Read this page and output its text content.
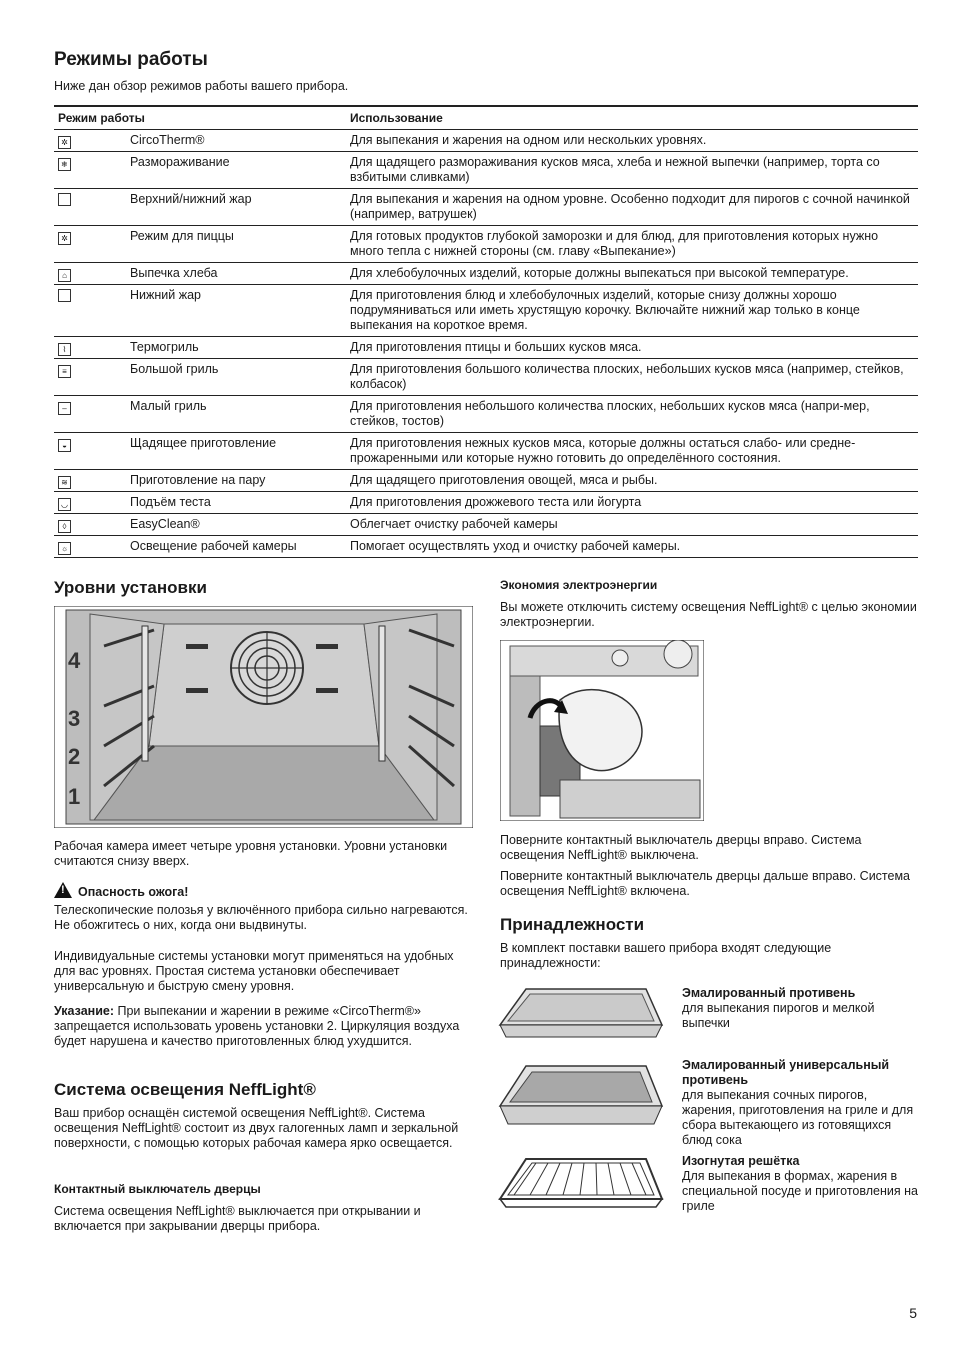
Режимы работы
Ниже дан обзор режимов работы вашего прибора.
Режим работы		Использование
✲	CircoTherm®	Для выпекания и жарения на одном или нескольких уровнях.
❄	Размораживание	Для щадящего размораживания кусков мяса, хлеба и нежной выпечки (например, торта со взбитыми сливками)
	Верхний/нижний жар	Для выпекания и жарения на одном уровне. Особенно подходит для пирогов с сочной начинкой (например, ватрушек)
✲	Режим для пиццы	Для готовых продуктов глубокой заморозки и для блюд, для приготовления которых нужно много тепла с нижней стороны (см. главу «Выпекание»)
⌂	Выпечка хлеба	Для хлебобулочных изделий, которые должны выпекаться при высокой температуре.
	Нижний жар	Для приготовления блюд и хлебобулочных изделий, которые снизу должны хорошо подрумяниваться или иметь хрустящую корочку. Включайте нижний жар только в конце выпекания на короткое время.
⌇	Термогриль	Для приготовления птицы и больших кусков мяса.
≡	Большой гриль	Для приготовления большого количества плоских, небольших кусков мяса (например, стейков, колбасок)
–	Малый гриль	Для приготовления небольшого количества плоских, небольших кусков мяса (напри-мер, стейков, тостов)
◒	Щадящее приготовление	Для приготовления нежных кусков мяса, которые должны остаться слабо- или средне-прожаренными или которые нужно готовить до определённого состояния.
≋	Приготовление на пару	Для щадящего приготовления овощей, мяса и рыбы.
◡	Подъём теста	Для приготовления дрожжевого теста или йогурта
◊	EasyClean®	Облегчает очистку рабочей камеры
☼	Освещение рабочей камеры	Помогает осуществлять уход и очистку рабочей камеры.
Уровни установки
4
3
2
1

Рабочая камера имеет четыре уровня установки. Уровни установки считаются снизу вверх.

!Опасность ожога!

Телескопические полозья у включённого прибора сильно нагреваются. Не обожгитесь о них, когда они выдвинуты.

Индивидуальные системы установки могут применяться на удобных для вас уровнях. Простая система установки обеспечивает универсальную и быструю смену уровня.

Указание: При выпекании и жарении в режиме «CircoTherm®» запрещается использовать уровень установки 2. Циркуляция воздуха будет нарушена и качество приготовленных блюд ухудшится.

Система освещения NeffLight®

Ваш прибор оснащён системой освещения NeffLight®. Система освещения NeffLight® состоит из двух галогенных ламп и зеркальной поверхности, с помощью которых рабочая камера ярко освещается.

Контактный выключатель дверцы

Система освещения NeffLight® выключается при открывании и включается при закрывании дверцы прибора.

Экономия электроэнергии

Вы можете отключить систему освещения NeffLight® с целью экономии электроэнергии.

Поверните контактный выключатель дверцы вправо. Система освещения NeffLight® выключена.

Поверните контактный выключатель дверцы дальше вправо. Система освещения NeffLight® включена.

Принадлежности

В комплект поставки вашего прибора входят следующие принадлежности:

Эмалированный противень
для выпекания пирогов и мелкой выпечки
Эмалированный универсальный противень
для выпекания сочных пирогов, жарения, приготовления на гриле и для сбора вытекающего из готовящихся блюд сока
Изогнутая решётка
Для выпекания в формах, жарения в специальной посуде и приготовления на гриле
5
